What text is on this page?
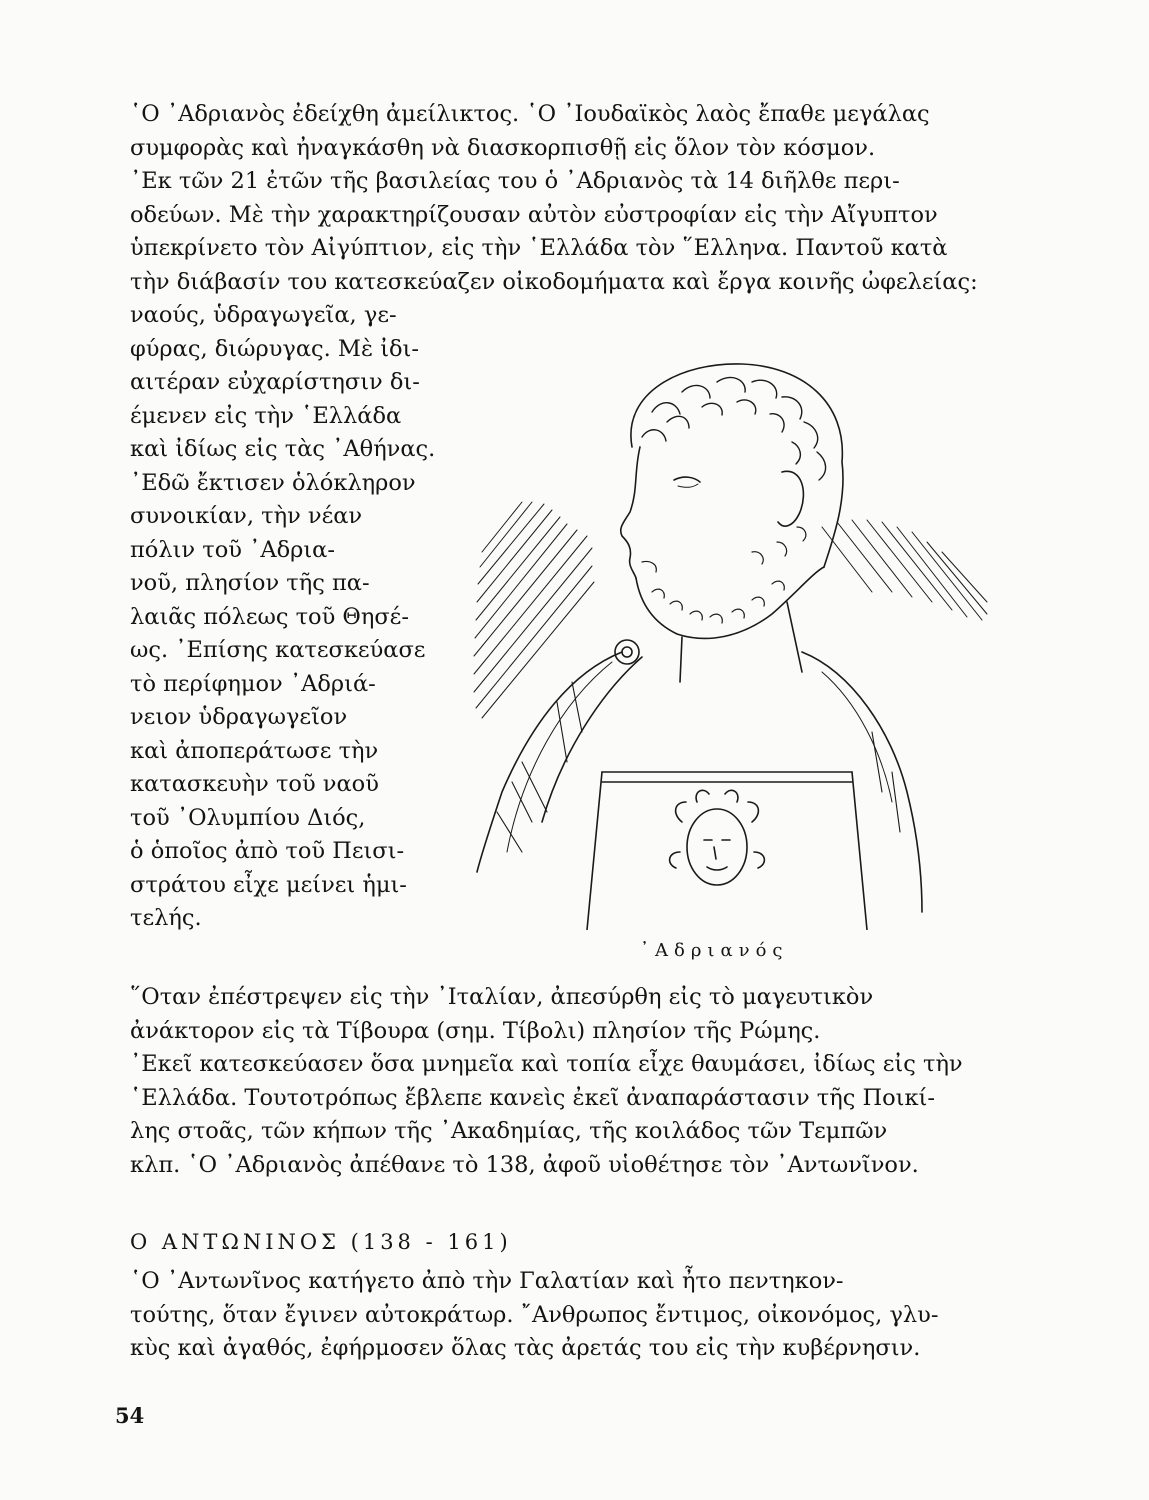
῾Ο ᾿Αδριανὸς ἐδείχθη ἀμείλικτος. ῾Ο ᾿Ιουδαϊκὸς λαὸς ἔπαθε μεγάλας
συμφορὰς καὶ ἠναγκάσθη νὰ διασκορπισθῇ εἰς ὅλον τὸν κόσμον.
᾿Εκ τῶν 21 ἐτῶν τῆς βασιλείας του ὁ ᾿Αδριανὸς τὰ 14 διῆλθε περι-
οδεύων. Μὲ τὴν χαρακτηρίζουσαν αὐτὸν εὐστροφίαν εἰς τὴν Αἴγυπτον
ὑπεκρίνετο τὸν Αἰγύπτιον, εἰς τὴν ῾Ελλάδα τὸν ῞Ελληνα. Παντοῦ κατὰ
τὴν διάβασίν του κατεσκεύαζεν οἰκοδομήματα καὶ ἔργα κοινῆς ὠφελείας:
ναούς, ὑδραγωγεῖα, γε-
φύρας, διώρυγας. Μὲ ἰδι-
αιτέραν εὐχαρίστησιν δι-
έμενεν εἰς τὴν ῾Ελλάδα
καὶ ἰδίως εἰς τὰς ᾿Αθήνας.
᾿Εδῶ ἔκτισεν ὁλόκληρον
συνοικίαν, τὴν νέαν
πόλιν τοῦ ᾿Αδρια-
νοῦ, πλησίον τῆς πα-
λαιᾶς πόλεως τοῦ Θησέ-
ως. ᾿Επίσης κατεσκεύασε
τὸ περίφημον ᾿Αδριά-
νειον ὑδραγωγεῖον
καὶ ἀποπεράτωσε τὴν
κατασκευὴν τοῦ ναοῦ
τοῦ ᾿Ολυμπίου Διός,
ὁ ὁποῖος ἀπὸ τοῦ Πεισι-
στράτου εἶχε μείνει ἡμι-
τελής.
᾿Αδριανός
῞Οταν ἐπέστρεψεν εἰς τὴν ᾿Ιταλίαν, ἀπεσύρθη εἰς τὸ μαγευτικὸν
ἀνάκτορον εἰς τὰ Τίβουρα (σημ. Τίβολι) πλησίον τῆς Ρώμης.
᾿Εκεῖ κατεσκεύασεν ὅσα μνημεῖα καὶ τοπία εἶχε θαυμάσει, ἰδίως εἰς τὴν
῾Ελλάδα. Τουτοτρόπως ἔβλεπε κανεὶς ἐκεῖ ἀναπαράστασιν τῆς Ποικί-
λης στοᾶς, τῶν κήπων τῆς ᾿Ακαδημίας, τῆς κοιλάδος τῶν Τεμπῶν
κλπ. ῾Ο ᾿Αδριανὸς ἀπέθανε τὸ 138, ἀφοῦ υἱοθέτησε τὸν ᾿Αντωνῖνον.
Ο ΑΝΤΩΝΙΝΟΣ (138 - 161)
῾Ο ᾿Αντωνῖνος κατήγετο ἀπὸ τὴν Γαλατίαν καὶ ἦτο πεντηκον-
τούτης, ὅταν ἔγινεν αὐτοκράτωρ. ῎Ανθρωπος ἔντιμος, οἰκονόμος, γλυ-
κὺς καὶ ἀγαθός, ἐφήρμοσεν ὅλας τὰς ἀρετάς του εἰς τὴν κυβέρνησιν.
54
